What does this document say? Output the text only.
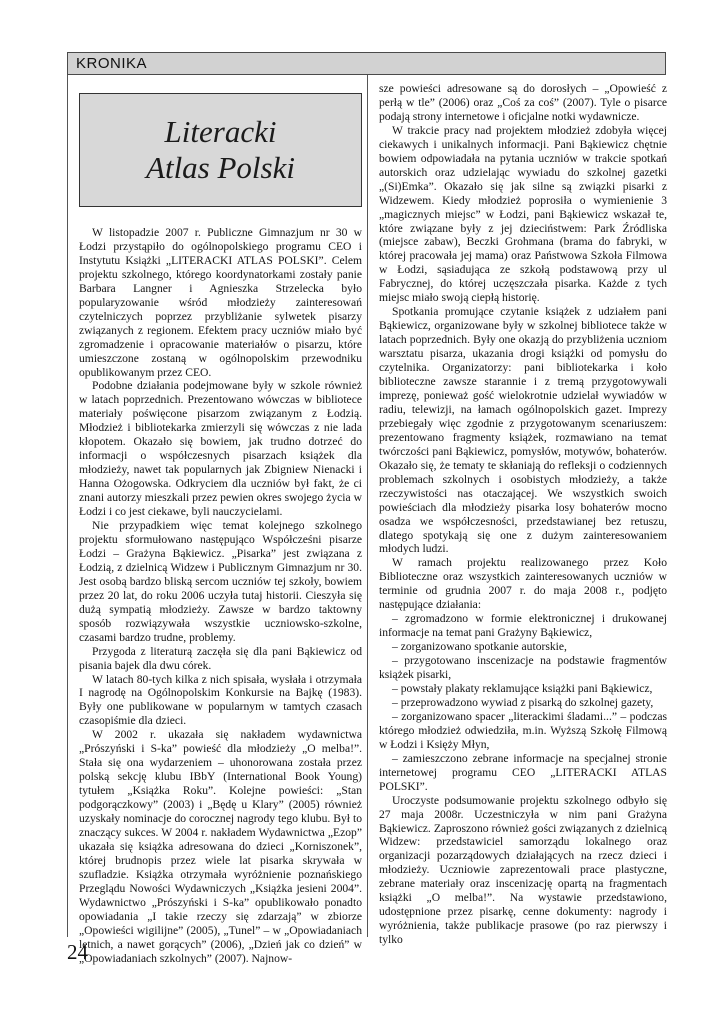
KRONIKA
Literacki
Atlas Polski

W listopadzie 2007 r. Publiczne Gimnazjum nr 30 w Łodzi przystąpiło do ogólnopolskiego programu CEO i Instytutu Książki „LITERACKI ATLAS POLSKI”. Celem projektu szkolnego, którego koordynatorkami zostały panie Barbara Langner i Agnieszka Strzelecka było popularyzowanie wśród młodzieży zainteresowań czytelniczych poprzez przybliżanie sylwetek pisarzy związanych z regionem. Efektem pracy uczniów miało być zgromadzenie i opracowanie materiałów o pisarzu, które umieszczone zostaną w ogólnopolskim przewodniku opublikowanym przez CEO.

Podobne działania podejmowane były w szkole również w latach poprzednich. Prezentowano wówczas w bibliotece materiały poświęcone pisarzom związanym z Łodzią. Młodzież i bibliotekarka zmierzyli się wówczas z nie lada kłopotem. Okazało się bowiem, jak trudno dotrzeć do informacji o współczesnych pisarzach książek dla młodzieży, nawet tak popularnych jak Zbigniew Nienacki i Hanna Ożogowska. Odkryciem dla uczniów był fakt, że ci znani autorzy mieszkali przez pewien okres swojego życia w Łodzi i co jest ciekawe, byli nauczycielami.

Nie przypadkiem więc temat kolejnego szkolnego projektu sformułowano następująco Współcześni pisarze Łodzi – Grażyna Bąkiewicz. „Pisarka” jest związana z Łodzią, z dzielnicą Widzew i Publicznym Gimnazjum nr 30. Jest osobą bardzo bliską sercom uczniów tej szkoły, bowiem przez 20 lat, do roku 2006 uczyła tutaj historii. Cieszyła się dużą sympatią młodzieży. Zawsze w bardzo taktowny sposób rozwiązywała wszystkie uczniowsko-szkolne, czasami bardzo trudne, problemy.

Przygoda z literaturą zaczęła się dla pani Bąkiewicz od pisania bajek dla dwu córek.

W latach 80-tych kilka z nich spisała, wysłała i otrzymała I nagrodę na Ogólnopolskim Konkursie na Bajkę (1983). Były one publikowane w popularnym w tamtych czasach czasopiśmie dla dzieci.

W 2002 r. ukazała się nakładem wydawnictwa „Prószyński i S-ka” powieść dla młodzieży „O melba!”. Stała się ona wydarzeniem – uhonorowana została przez polską sekcję klubu IBbY (International Book Young) tytułem „Książka Roku”. Kolejne powieści: „Stan podgorączkowy” (2003) i „Będę u Klary” (2005) również uzyskały nominacje do corocznej nagrody tego klubu. Był to znaczący sukces. W 2004 r. nakładem Wydawnictwa „Ezop” ukazała się książka adresowana do dzieci „Korniszonek”, której brudnopis przez wiele lat pisarka skrywała w szufladzie. Książka otrzymała wyróżnienie poznańskiego Przeglądu Nowości Wydawniczych „Książka jesieni 2004”. Wydawnictwo „Prószyński i S-ka” opublikowało ponadto opowiadania „I takie rzeczy się zdarzają” w zbiorze „Opowieści wigilijne” (2005), „Tunel” – w „Opowiadaniach letnich, a nawet gorących” (2006), „Dzień jak co dzień” w „Opowiadaniach szkolnych” (2007). Najnow-

sze powieści adresowane są do dorosłych – „Opowieść z perłą w tle” (2006) oraz „Coś za coś” (2007). Tyle o pisarce podają strony internetowe i oficjalne notki wydawnicze.

W trakcie pracy nad projektem młodzież zdobyła więcej ciekawych i unikalnych informacji. Pani Bąkiewicz chętnie bowiem odpowiadała na pytania uczniów w trakcie spotkań autorskich oraz udzielając wywiadu do szkolnej gazetki „(Si)Emka”. Okazało się jak silne są związki pisarki z Widzewem. Kiedy młodzież poprosiła o wymienienie 3 „magicznych miejsc” w Łodzi, pani Bąkiewicz wskazał te, które związane były z jej dzieciństwem: Park Źródliska (miejsce zabaw), Beczki Grohmana (brama do fabryki, w której pracowała jej mama) oraz Państwowa Szkoła Filmowa w Łodzi, sąsiadująca ze szkołą podstawową przy ul Fabrycznej, do której uczęszczała pisarka. Każde z tych miejsc miało swoją ciepłą historię.

Spotkania promujące czytanie książek z udziałem pani Bąkiewicz, organizowane były w szkolnej bibliotece także w latach poprzednich. Były one okazją do przybliżenia uczniom warsztatu pisarza, ukazania drogi książki od pomysłu do czytelnika. Organizatorzy: pani bibliotekarka i koło biblioteczne zawsze starannie i z tremą przygotowywali imprezę, ponieważ gość wielokrotnie udzielał wywiadów w radiu, telewizji, na łamach ogólnopolskich gazet. Imprezy przebiegały więc zgodnie z przygotowanym scenariuszem: prezentowano fragmenty książek, rozmawiano na temat twórczości pani Bąkiewicz, pomysłów, motywów, bohaterów. Okazało się, że tematy te skłaniają do refleksji o codziennych problemach szkolnych i osobistych młodzieży, a także rzeczywistości nas otaczającej. We wszystkich swoich powieściach dla młodzieży pisarka losy bohaterów mocno osadza we współczesności, przedstawianej bez retuszu, dlatego spotykają się one z dużym zainteresowaniem młodych ludzi.

W ramach projektu realizowanego przez Koło Biblioteczne oraz wszystkich zainteresowanych uczniów w terminie od grudnia 2007 r. do maja 2008 r., podjęto następujące działania:

– zgromadzono w formie elektronicznej i drukowanej informacje na temat pani Grażyny Bąkiewicz,

– zorganizowano spotkanie autorskie,

– przygotowano inscenizacje na podstawie fragmentów książek pisarki,

– powstały plakaty reklamujące książki pani Bąkiewicz,

– przeprowadzono wywiad z pisarką do szkolnej gazety,

– zorganizowano spacer „literackimi śladami...” – podczas którego młodzież odwiedziła, m.in. Wyższą Szkołę Filmową w Łodzi i Księży Młyn,

– zamieszczono zebrane informacje na specjalnej stronie internetowej programu CEO „LITERACKI ATLAS POLSKI”.

Uroczyste podsumowanie projektu szkolnego odbyło się 27 maja 2008r. Uczestniczyła w nim pani Grażyna Bąkiewicz. Zaproszono również gości związanych z dzielnicą Widzew: przedstawiciel samorządu lokalnego oraz organizacji pozarządowych działających na rzecz dzieci i młodzieży. Uczniowie zaprezentowali prace plastyczne, zebrane materiały oraz inscenizację opartą na fragmentach książki „O melba!”. Na wystawie przedstawiono, udostępnione przez pisarkę, cenne dokumenty: nagrody i wyróżnienia, także publikacje prasowe (po raz pierwszy i tylko

24
